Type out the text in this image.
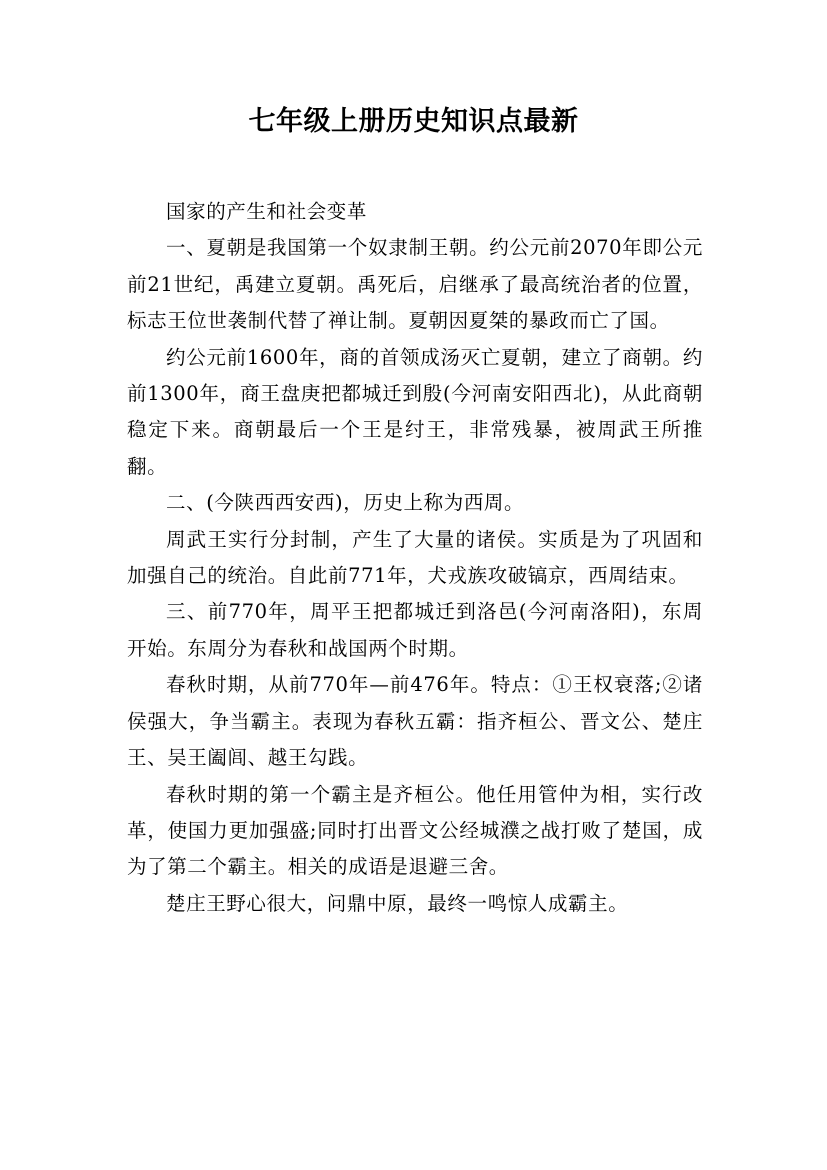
七年级上册历史知识点最新

国家的产生和社会变革

一、夏朝是我国第一个奴隶制王朝。约公元前2070年即公元前21世纪，禹建立夏朝。禹死后，启继承了最高统治者的位置，标志王位世袭制代替了禅让制。夏朝因夏桀的暴政而亡了国。

约公元前1600年，商的首领成汤灭亡夏朝，建立了商朝。约前1300年，商王盘庚把都城迁到殷(今河南安阳西北)，从此商朝稳定下来。商朝最后一个王是纣王，非常残暴，被周武王所推翻。

二、(今陕西西安西)，历史上称为西周。

周武王实行分封制，产生了大量的诸侯。实质是为了巩固和加强自己的统治。自此前771年，犬戎族攻破镐京，西周结束。

三、前770年，周平王把都城迁到洛邑(今河南洛阳)，东周开始。东周分为春秋和战国两个时期。

春秋时期，从前770年—前476年。特点：①王权衰落;②诸侯强大，争当霸主。表现为春秋五霸：指齐桓公、晋文公、楚庄王、吴王阖闾、越王勾践。

春秋时期的第一个霸主是齐桓公。他任用管仲为相，实行改革，使国力更加强盛;同时打出晋文公经城濮之战打败了楚国，成为了第二个霸主。相关的成语是退避三舍。

楚庄王野心很大，问鼎中原，最终一鸣惊人成霸主。
